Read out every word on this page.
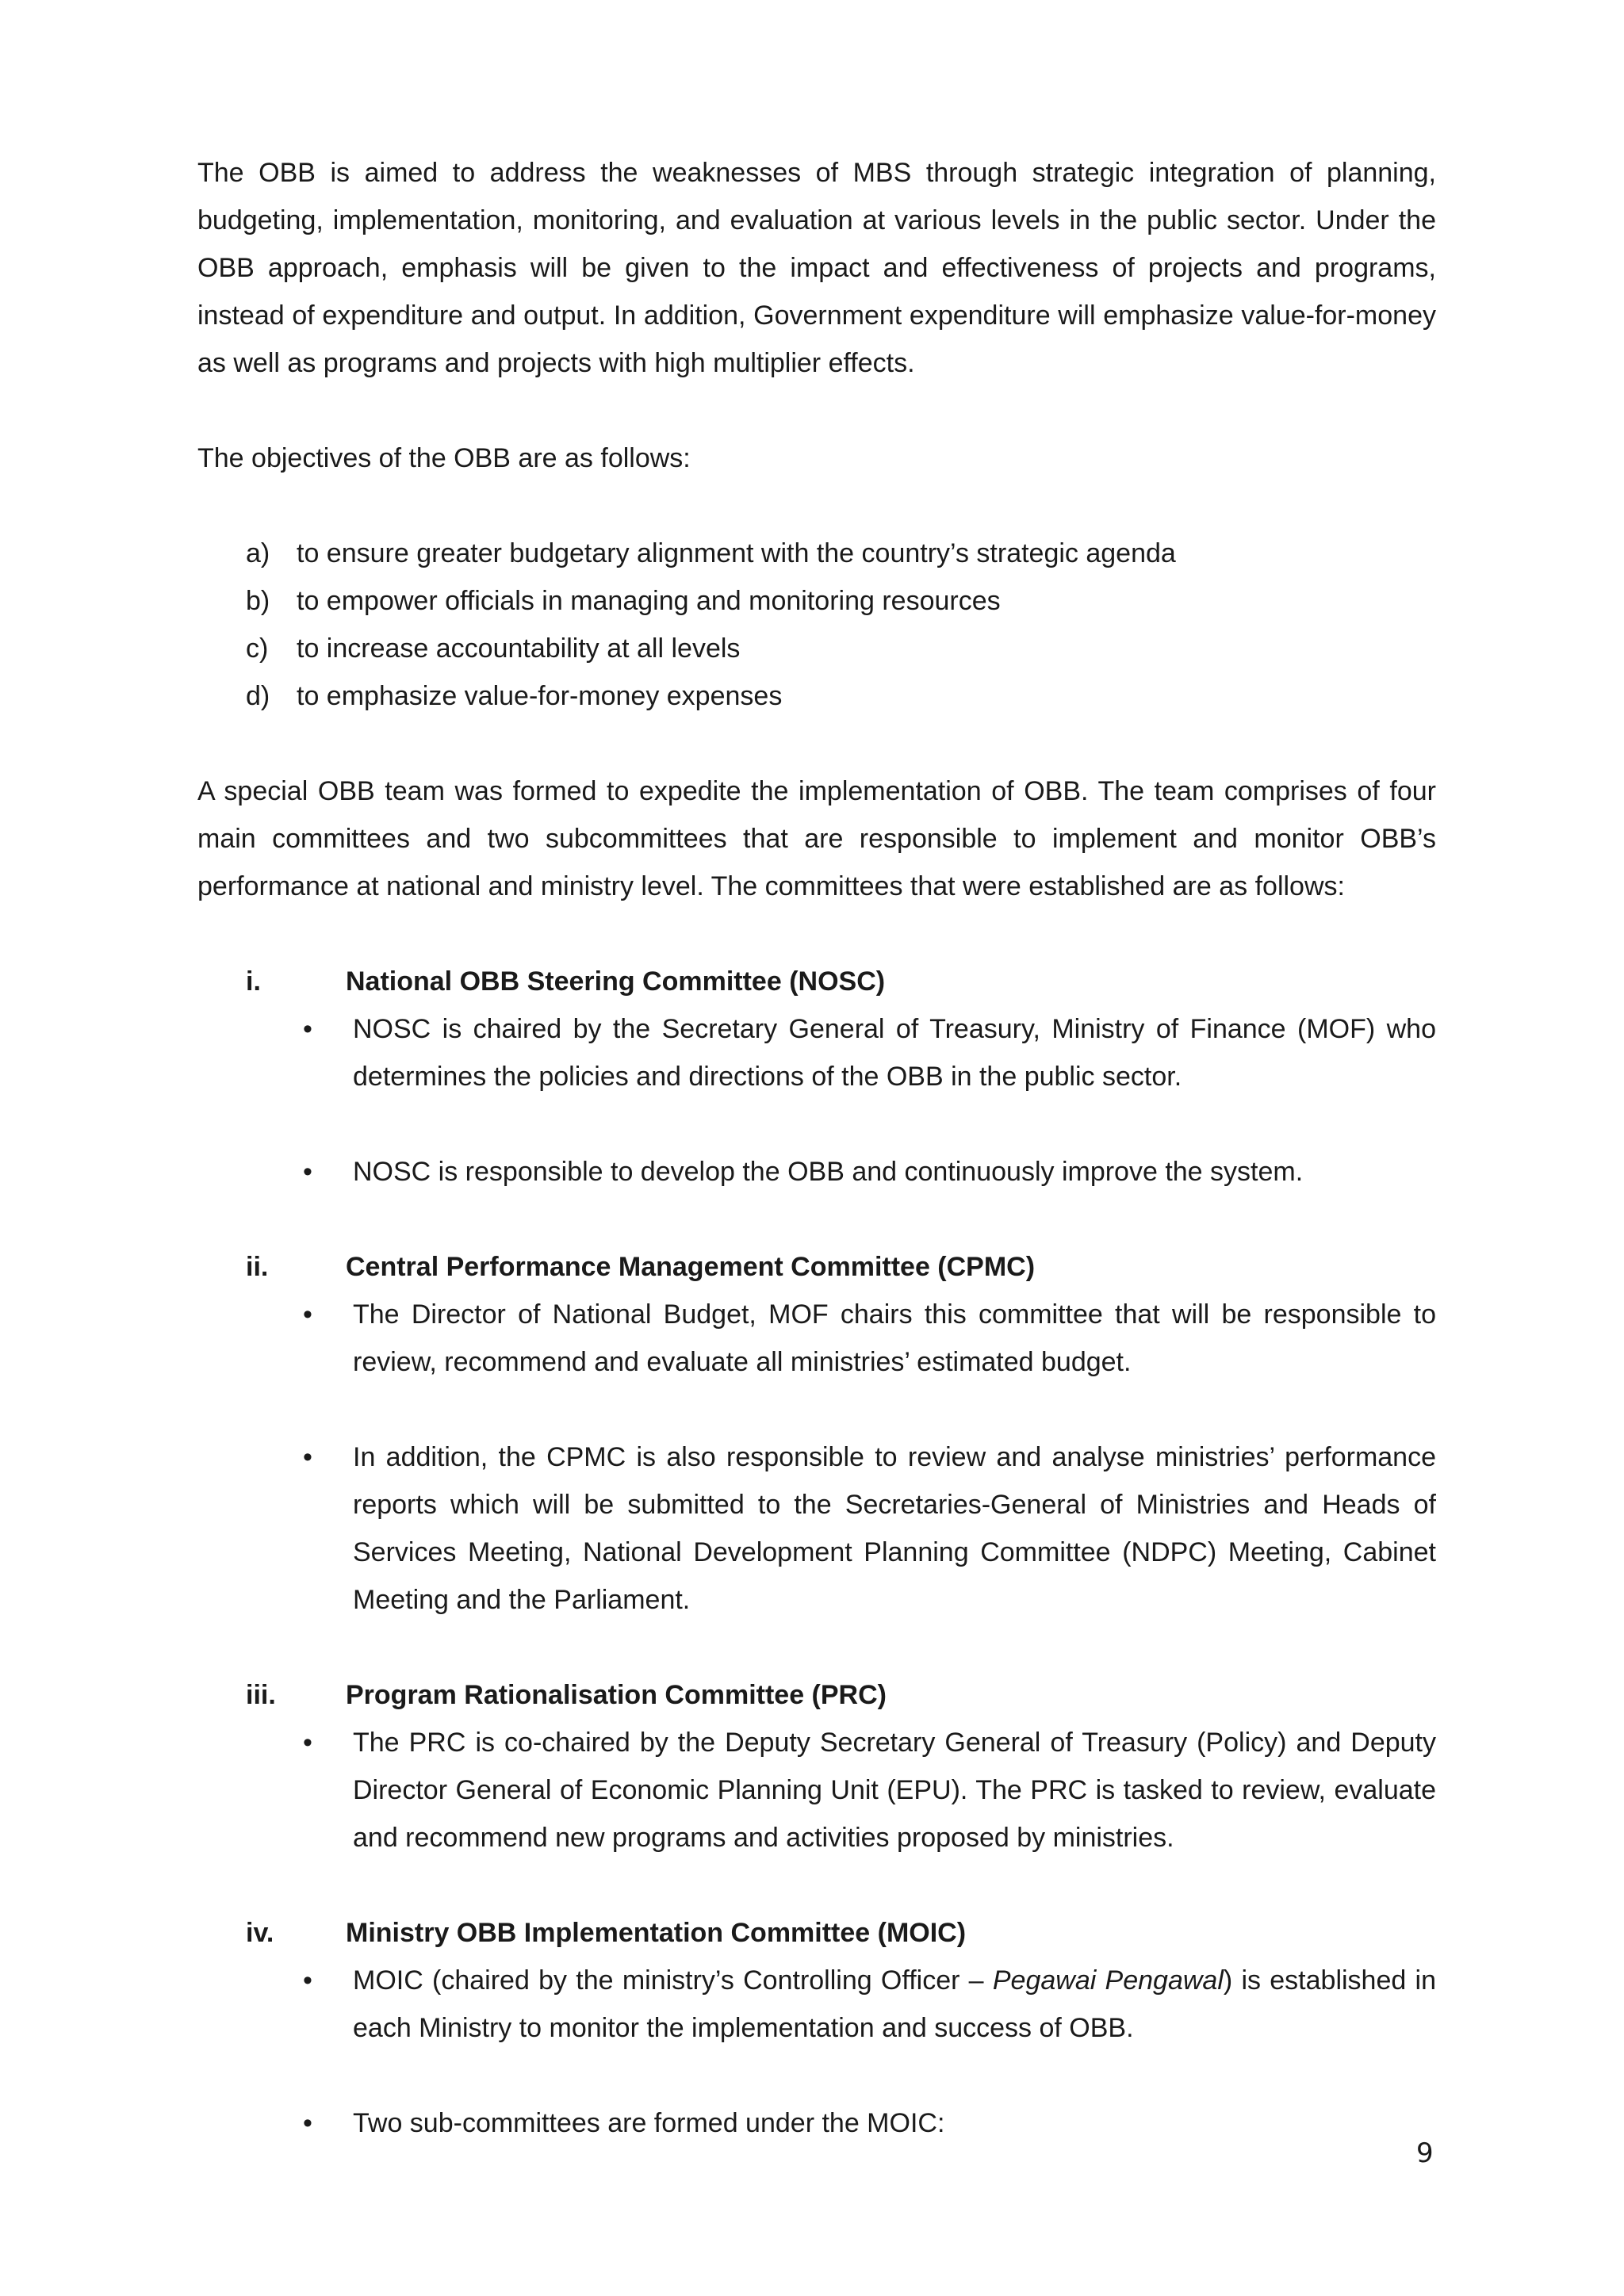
The OBB is aimed to address the weaknesses of MBS through strategic integration of planning, budgeting, implementation, monitoring, and evaluation at various levels in the public sector. Under the OBB approach, emphasis will be given to the impact and effectiveness of projects and programs, instead of expenditure and output. In addition, Government expenditure will emphasize value-for-money as well as programs and projects with high multiplier effects.

The objectives of the OBB are as follows:

a) to ensure greater budgetary alignment with the country’s strategic agenda
b) to empower officials in managing and monitoring resources
c) to increase accountability at all levels
d) to emphasize value-for-money expenses

A special OBB team was formed to expedite the implementation of OBB. The team comprises of four main committees and two subcommittees that are responsible to implement and monitor OBB’s performance at national and ministry level. The committees that were established are as follows:

i.	National OBB Steering Committee (NOSC)
• NOSC is chaired by the Secretary General of Treasury, Ministry of Finance (MOF) who determines the policies and directions of the OBB in the public sector.
• NOSC is responsible to develop the OBB and continuously improve the system.
ii.	Central Performance Management Committee (CPMC)
• The Director of National Budget, MOF chairs this committee that will be responsible to review, recommend and evaluate all ministries’ estimated budget.
• In addition, the CPMC is also responsible to review and analyse ministries’ performance reports which will be submitted to the Secretaries-General of Ministries and Heads of Services Meeting, National Development Planning Committee (NDPC) Meeting, Cabinet Meeting and the Parliament.
iii.	Program Rationalisation Committee (PRC)
• The PRC is co-chaired by the Deputy Secretary General of Treasury (Policy) and Deputy Director General of Economic Planning Unit (EPU). The PRC is tasked to review, evaluate and recommend new programs and activities proposed by ministries.
iv.	Ministry OBB Implementation Committee (MOIC)
• MOIC (chaired by the ministry’s Controlling Officer – Pegawai Pengawal) is established in each Ministry to monitor the implementation and success of OBB.
• Two sub-committees are formed under the MOIC:
9
